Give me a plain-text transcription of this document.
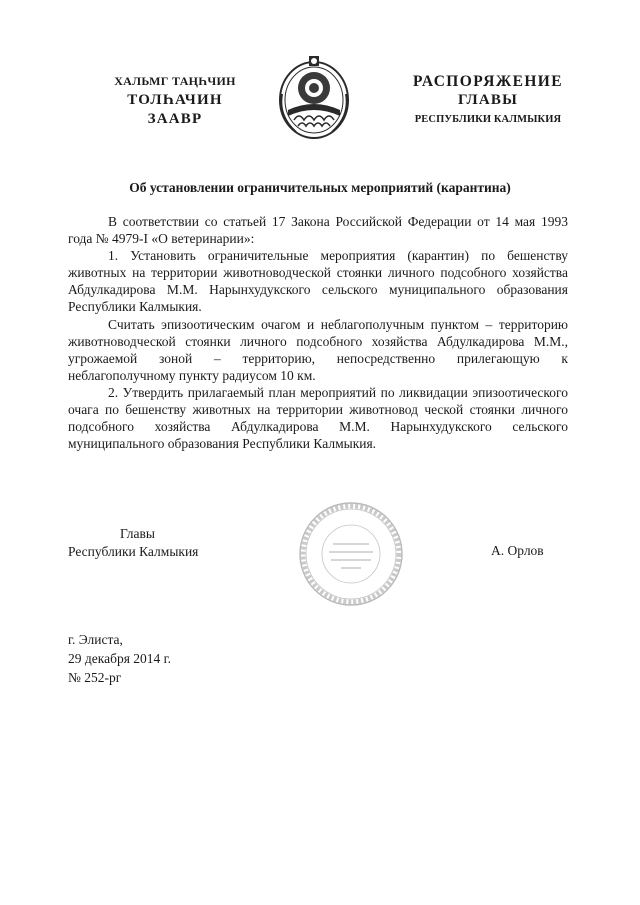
ХАЛЬМГ ТАҢҺЧИН
ТОЛҺАЧИН
ЗААВР
РАСПОРЯЖЕНИЕ
ГЛАВЫ
РЕСПУБЛИКИ КАЛМЫКИЯ
Об установлении ограничительных мероприятий (карантина)

В соответствии со статьей 17 Закона Российской Федерации от 14 мая 1993 года № 4979-I «О ветеринарии»:

1. Установить ограничительные мероприятия (карантин) по бешенству животных на территории животноводческой стоянки личного подсобного хозяйства Абдулкадирова М.М. Нарынхудукского сельского муниципального образования Республики Калмыкия.

Считать эпизоотическим очагом и неблагополучным пунктом – территорию животноводческой стоянки личного подсобного хозяйства Абдулкадирова М.М., угрожаемой зоной – территорию, непосредственно прилегающую к неблагополучному пункту радиусом 10 км.

2. Утвердить прилагаемый план мероприятий по ликвидации эпизоотического очага по бешенству животных на территории животновод ческой стоянки личного подсобного хозяйства Абдулкадирова М.М. Нарынхудукского сельского муниципального образования Республики Калмыкия.

Главы
Республики Калмыкия	А. Орлов
г. Элиста,
29 декабря 2014 г.
№ 252-рг
